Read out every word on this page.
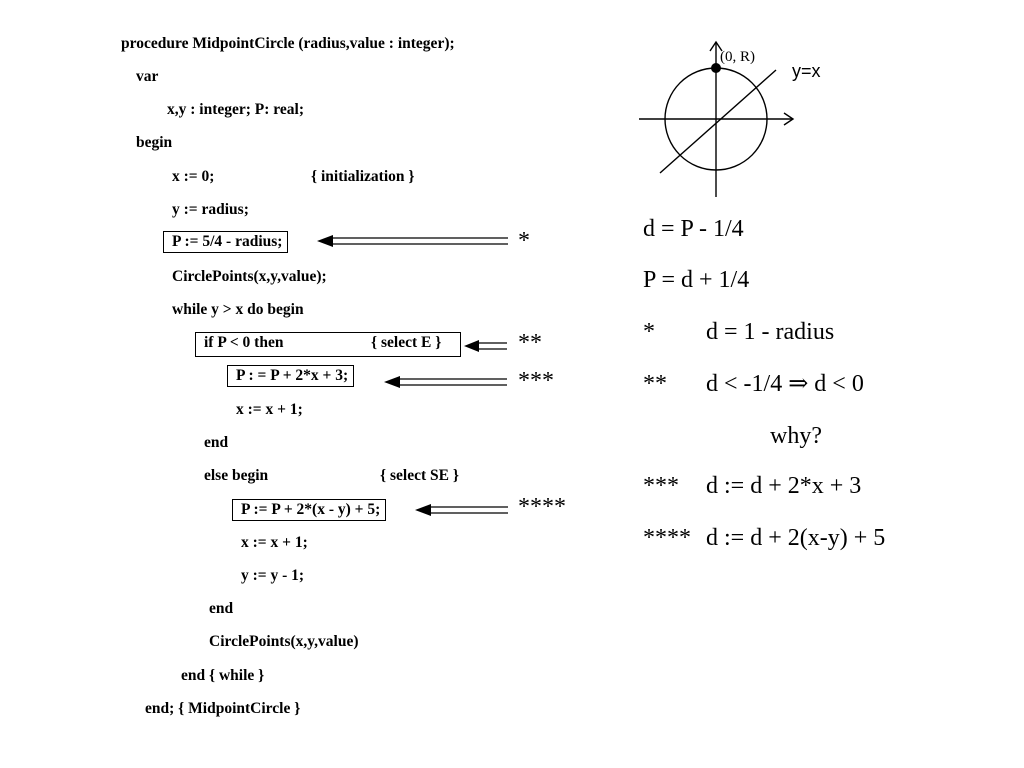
procedure MidpointCircle (radius,value : integer);
var
x,y : integer; P: real;
begin
x := 0;	{ initialization }
y := radius;
P := 5/4 - radius;
CirclePoints(x,y,value);
while y > x do begin
if P < 0 then	{ select E }
P : = P + 2*x + 3;
x := x + 1;
end
else begin	{ select SE }
P := P + 2*(x - y) + 5;
x := x + 1;
y := y - 1;
end
CirclePoints(x,y,value)
end { while }
end; { MidpointCircle }
(0, R)
y=x
*
**
***
****
d = P - 1/4
P = d + 1/4
* d = 1 - radius
** d < -1/4 ⇒ d < 0
why?
*** d := d + 2*x + 3
**** d := d + 2(x-y) + 5
